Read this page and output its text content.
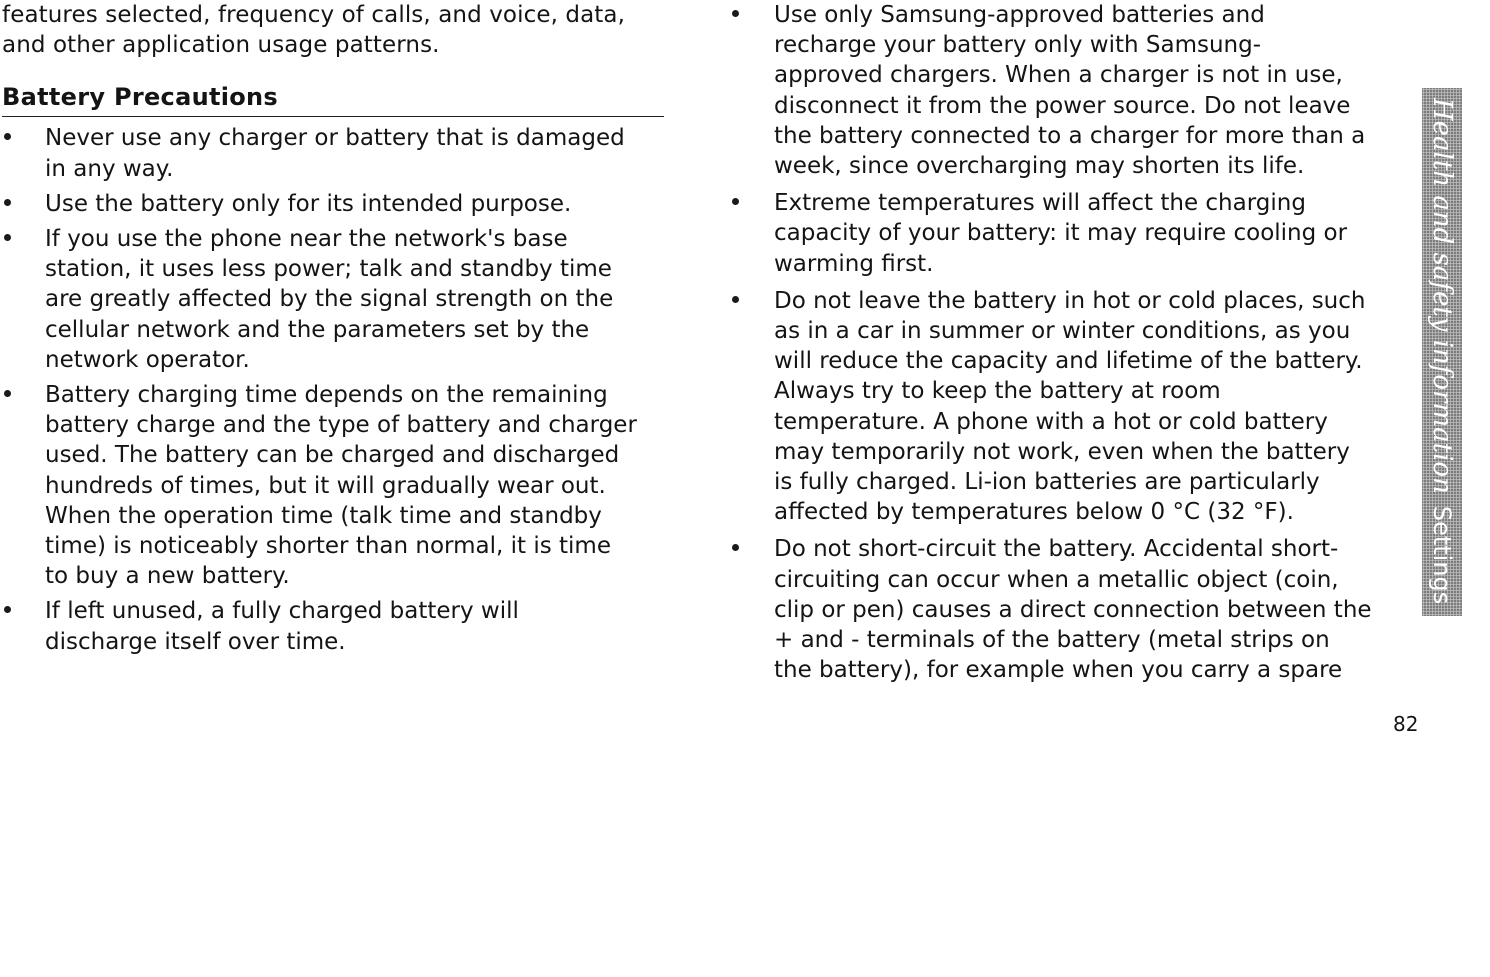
features selected, frequency of calls, and voice, data,
and other application usage patterns.

Battery Precautions
Never use any charger or battery that is damaged
in any way.
Use the battery only for its intended purpose.
If you use the phone near the network's base
station, it uses less power; talk and standby time
are greatly affected by the signal strength on the
cellular network and the parameters set by the
network operator.
Battery charging time depends on the remaining
battery charge and the type of battery and charger
used. The battery can be charged and discharged
hundreds of times, but it will gradually wear out.
When the operation time (talk time and standby
time) is noticeably shorter than normal, it is time
to buy a new battery.
If left unused, a fully charged battery will
discharge itself over time.
Use only Samsung-approved batteries and
recharge your battery only with Samsung-
approved chargers. When a charger is not in use,
disconnect it from the power source. Do not leave
the battery connected to a charger for more than a
week, since overcharging may shorten its life.
Extreme temperatures will affect the charging
capacity of your battery: it may require cooling or
warming first.
Do not leave the battery in hot or cold places, such
as in a car in summer or winter conditions, as you
will reduce the capacity and lifetime of the battery.
Always try to keep the battery at room
temperature. A phone with a hot or cold battery
may temporarily not work, even when the battery
is fully charged. Li-ion batteries are particularly
affected by temperatures below 0 °C (32 °F).
Do not short-circuit the battery. Accidental short-
circuiting can occur when a metallic object (coin,
clip or pen) causes a direct connection between the
+ and - terminals of the battery (metal strips on
the battery), for example when you carry a spare
Health and safety informationSettings
82
